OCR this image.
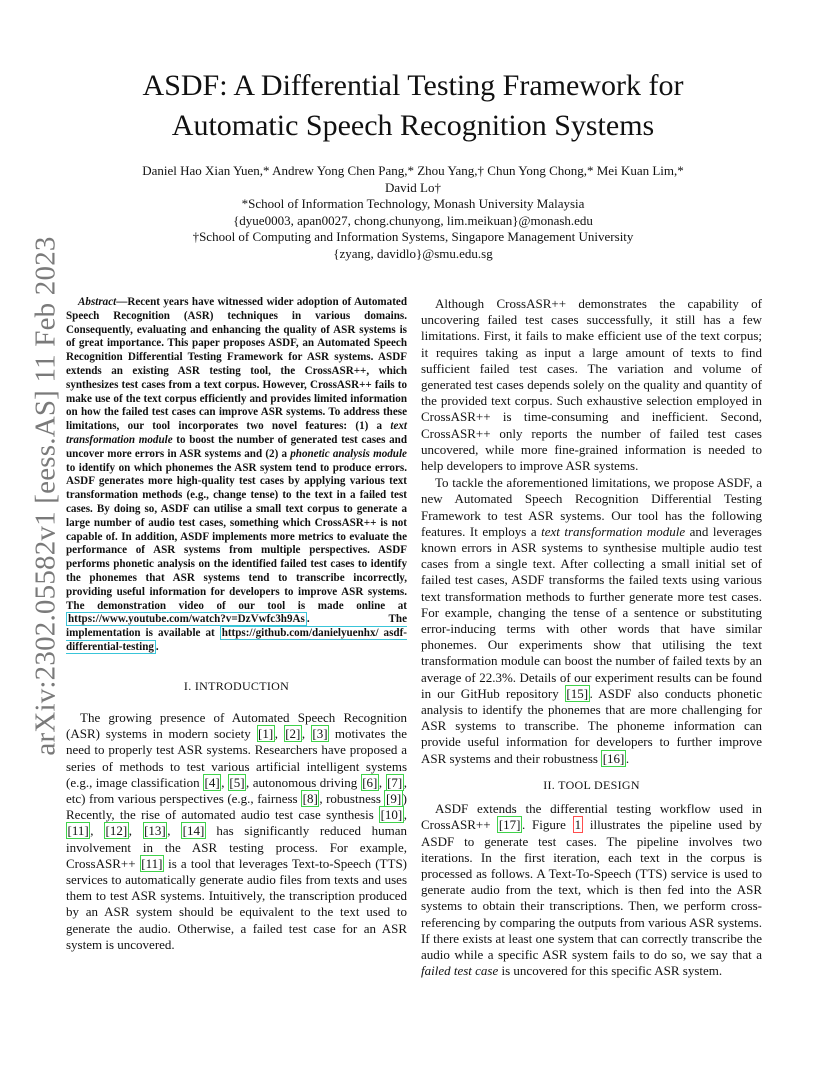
arXiv:2302.05582v1 [eess.AS] 11 Feb 2023
ASDF: A Differential Testing Framework for
Automatic Speech Recognition Systems
Daniel Hao Xian Yuen,* Andrew Yong Chen Pang,* Zhou Yang,† Chun Yong Chong,* Mei Kuan Lim,*
David Lo†
*School of Information Technology, Monash University Malaysia
{dyue0003, apan0027, chong.chunyong, lim.meikuan}@monash.edu
†School of Computing and Information Systems, Singapore Management University
{zyang, davidlo}@smu.edu.sg

Abstract—Recent years have witnessed wider adoption of Automated Speech Recognition (ASR) techniques in various domains. Consequently, evaluating and enhancing the quality of ASR systems is of great importance. This paper proposes ASDF, an Automated Speech Recognition Differential Testing Framework for ASR systems. ASDF extends an existing ASR testing tool, the CrossASR++, which synthesizes test cases from a text corpus. However, CrossASR++ fails to make use of the text corpus efficiently and provides limited information on how the failed test cases can improve ASR systems. To address these limitations, our tool incorporates two novel features: (1) a text transformation module to boost the number of generated test cases and uncover more errors in ASR systems and (2) a phonetic analysis module to identify on which phonemes the ASR system tend to produce errors. ASDF generates more high-quality test cases by applying various text transformation methods (e.g., change tense) to the text in a failed test cases. By doing so, ASDF can utilise a small text corpus to generate a large number of audio test cases, something which CrossASR++ is not capable of. In addition, ASDF implements more metrics to evaluate the performance of ASR systems from multiple perspectives. ASDF performs phonetic analysis on the identified failed test cases to identify the phonemes that ASR systems tend to transcribe incorrectly, providing useful information for developers to improve ASR systems. The demonstration video of our tool is made online at https://www.youtube.com/watch?v=DzVwfc3h9As . The implementation is available at https://github.com/danielyuenhx/ asdf-differential-testing .

I. INTRODUCTION

The growing presence of Automated Speech Recognition (ASR) systems in modern society [1] , [2] , [3] motivates the need to properly test ASR systems. Researchers have proposed a series of methods to test various artificial intelligent systems (e.g., image classification [4] , [5] , autonomous driving [6] , [7] , etc) from various perspectives (e.g., fairness [8] , robustness [9] ) Recently, the rise of automated audio test case synthesis [10] , [11] , [12] , [13] , [14] has significantly reduced human involvement in the ASR testing process. For example, CrossASR++ [11] is a tool that leverages Text-to-Speech (TTS) services to automatically generate audio files from texts and uses them to test ASR systems. Intuitively, the transcription produced by an ASR system should be equivalent to the text used to generate the audio. Otherwise, a failed test case for an ASR system is uncovered.

Although CrossASR++ demonstrates the capability of uncovering failed test cases successfully, it still has a few limitations. First, it fails to make efficient use of the text corpus; it requires taking as input a large amount of texts to find sufficient failed test cases. The variation and volume of generated test cases depends solely on the quality and quantity of the provided text corpus. Such exhaustive selection employed in CrossASR++ is time-consuming and inefficient. Second, CrossASR++ only reports the number of failed test cases uncovered, while more fine-grained information is needed to help developers to improve ASR systems.

To tackle the aforementioned limitations, we propose ASDF, a new Automated Speech Recognition Differential Testing Framework to test ASR systems. Our tool has the following features. It employs a text transformation module and leverages known errors in ASR systems to synthesise multiple audio test cases from a single text. After collecting a small initial set of failed test cases, ASDF transforms the failed texts using various text transformation methods to further generate more test cases. For example, changing the tense of a sentence or substituting error-inducing terms with other words that have similar phonemes. Our experiments show that utilising the text transformation module can boost the number of failed texts by an average of 22.3%. Details of our experiment results can be found in our GitHub repository [15] . ASDF also conducts phonetic analysis to identify the phonemes that are more challenging for ASR systems to transcribe. The phoneme information can provide useful information for developers to further improve ASR systems and their robustness [16] .

II. TOOL DESIGN

ASDF extends the differential testing workflow used in CrossASR++ [17] . Figure 1 illustrates the pipeline used by ASDF to generate test cases. The pipeline involves two iterations. In the first iteration, each text in the corpus is processed as follows. A Text-To-Speech (TTS) service is used to generate audio from the text, which is then fed into the ASR systems to obtain their transcriptions. Then, we perform cross-referencing by comparing the outputs from various ASR systems. If there exists at least one system that can correctly transcribe the audio while a specific ASR system fails to do so, we say that a failed test case is uncovered for this specific ASR system.
